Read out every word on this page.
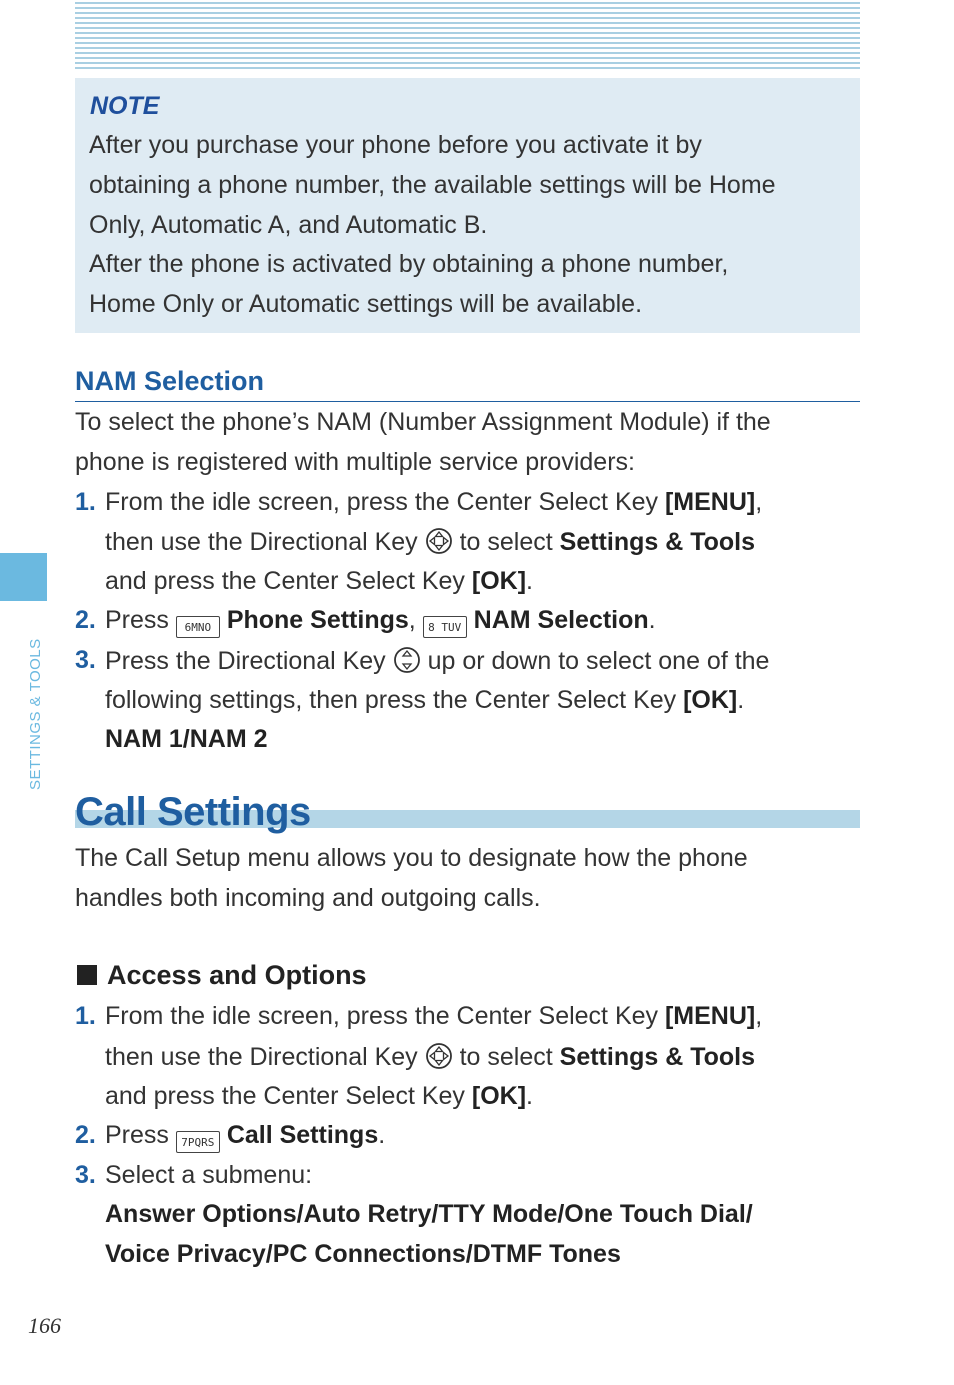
NOTE
After you purchase your phone before you activate it by
obtaining a phone number, the available settings will be Home
Only, Automatic A, and Automatic B.
After the phone is activated by obtaining a phone number,
Home Only or Automatic settings will be available.
NAM Selection
To select the phone’s NAM (Number Assignment Module) if the
phone is registered with multiple service providers:
1. From the idle screen, press the Center Select Key [MENU],
then use the Directional Key  to select Settings & Tools
and press the Center Select Key [OK].
2. Press 6MNO Phone Settings, 8 TUV NAM Selection.
3. Press the Directional Key  up or down to select one of the
following settings, then press the Center Select Key [OK].
NAM 1/NAM 2
Call Settings
The Call Setup menu allows you to designate how the phone
handles both incoming and outgoing calls.
Access and Options
1. From the idle screen, press the Center Select Key [MENU],
then use the Directional Key  to select Settings & Tools
and press the Center Select Key [OK].
2. Press 7PQRS Call Settings.
3. Select a submenu:
Answer Options/Auto Retry/TTY Mode/One Touch Dial/
Voice Privacy/PC Connections/DTMF Tones
SETTINGS & TOOLS
166
